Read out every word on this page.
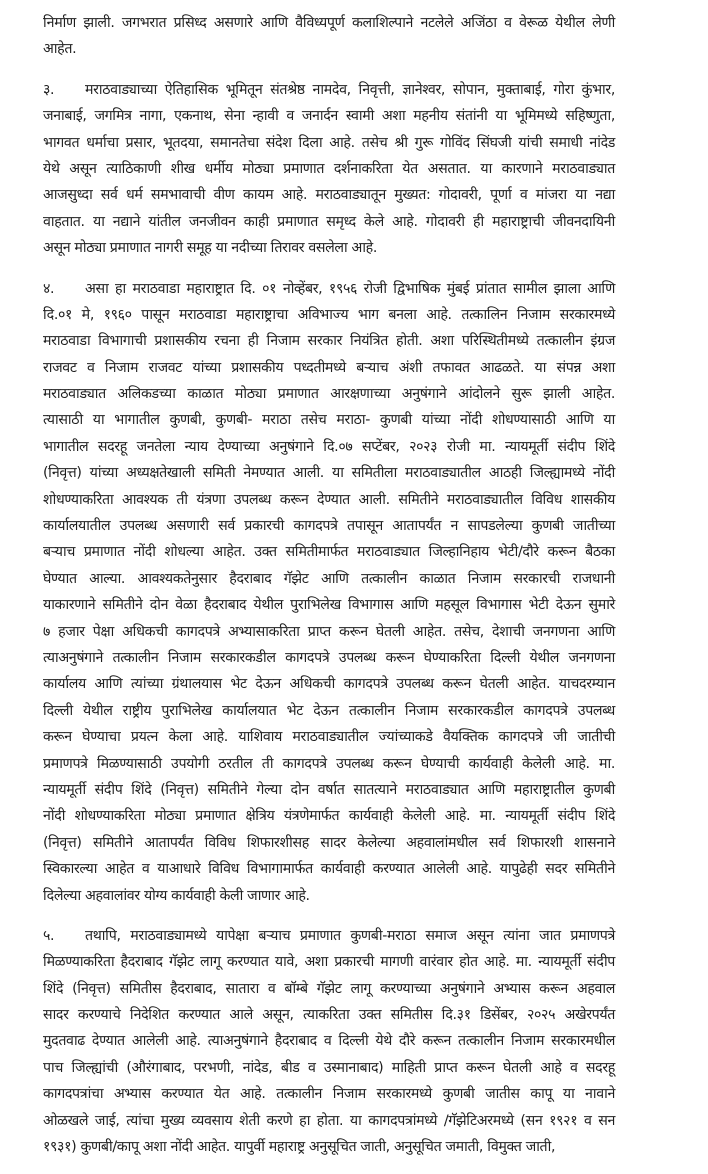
निर्माण झाली. जगभरात प्रसिध्द असणारे आणि वैविध्यपूर्ण कलाशिल्पाने नटलेले अजिंठा व वेरूळ येथील लेणी
आहेत.
३. मराठवाड्याच्या ऐतिहासिक भूमितून संतश्रेष्ठ नामदेव, निवृत्ती, ज्ञानेश्वर, सोपान, मुक्ताबाई, गोरा कुंभार,
जनाबाई, जगमित्र नागा, एकनाथ, सेना न्हावी व जनार्दन स्वामी अशा महनीय संतांनी या भूमिमध्ये सहिष्णुता,
भागवत धर्माचा प्रसार, भूतदया, समानतेचा संदेश दिला आहे. तसेच श्री गुरू गोविंद सिंघजी यांची समाधी नांदेड
येथे असून त्याठिकाणी शीख धर्मीय मोठ्या प्रमाणात दर्शनाकरिता येत असतात. या कारणाने मराठवाड्यात
आजसुध्दा सर्व धर्म समभावाची वीण कायम आहे. मराठवाड्यातून मुख्यत: गोदावरी, पूर्णा व मांजरा या नद्या
वाहतात. या नद्याने यांतील जनजीवन काही प्रमाणात समृध्द केले आहे. गोदावरी ही महाराष्ट्राची जीवनदायिनी
असून मोठ्या प्रमाणात नागरी समूह या नदीच्या तिरावर वसलेला आहे.
४. असा हा मराठवाडा महाराष्ट्रात दि. ०१ नोव्हेंबर, १९५६ रोजी द्विभाषिक मुंबई प्रांतात सामील झाला आणि
दि.०१ मे, १९६० पासून मराठवाडा महाराष्ट्राचा अविभाज्य भाग बनला आहे. तत्कालिन निजाम सरकारमध्ये
मराठवाडा विभागाची प्रशासकीय रचना ही निजाम सरकार नियंत्रित होती. अशा परिस्थितीमध्ये तत्कालीन इंग्रज
राजवट व निजाम राजवट यांच्या प्रशासकीय पध्दतीमध्ये बऱ्याच अंशी तफावत आढळते. या संपन्न अशा
मराठवाड्यात अलिकडच्या काळात मोठ्या प्रमाणात आरक्षणाच्या अनुषंगाने आंदोलने सुरू झाली आहेत.
त्यासाठी या भागातील कुणबी, कुणबी- मराठा तसेच मराठा- कुणबी यांच्या नोंदी शोधण्यासाठी आणि या
भागातील सदरहू जनतेला न्याय देण्याच्या अनुषंगाने दि.०७ सप्टेंबर, २०२३ रोजी मा. न्यायमूर्ती संदीप शिंदे
(निवृत्त) यांच्या अध्यक्षतेखाली समिती नेमण्यात आली. या समितीला मराठवाड्यातील आठही जिल्ह्यामध्ये नोंदी
शोधण्याकरिता आवश्यक ती यंत्रणा उपलब्ध करून देण्यात आली. समितीने मराठवाड्यातील विविध शासकीय
कार्यालयातील उपलब्ध असणारी सर्व प्रकारची कागदपत्रे तपासून आतापर्यंत न सापडलेल्या कुणबी जातीच्या
बऱ्याच प्रमाणात नोंदी शोधल्या आहेत. उक्त समितीमार्फत मराठवाड्यात जिल्हानिहाय भेटी/दौरे करून बैठका
घेण्यात आल्या. आवश्यकतेनुसार हैदराबाद गॅझेट आणि तत्कालीन काळात निजाम सरकारची राजधानी
याकारणाने समितीने दोन वेळा हैदराबाद येथील पुराभिलेख विभागास आणि महसूल विभागास भेटी देऊन सुमारे
७ हजार पेक्षा अधिकची कागदपत्रे अभ्यासाकरिता प्राप्त करून घेतली आहेत. तसेच, देशाची जनगणना आणि
त्याअनुषंगाने तत्कालीन निजाम सरकारकडील कागदपत्रे उपलब्ध करून घेण्याकरिता दिल्ली येथील जनगणना
कार्यालय आणि त्यांच्या ग्रंथालयास भेट देऊन अधिकची कागदपत्रे उपलब्ध करून घेतली आहेत. याचदरम्यान
दिल्ली येथील राष्ट्रीय पुराभिलेख कार्यालयात भेट देऊन तत्कालीन निजाम सरकारकडील कागदपत्रे उपलब्ध
करून घेण्याचा प्रयत्न केला आहे. याशिवाय मराठवाड्यातील ज्यांच्याकडे वैयक्तिक कागदपत्रे जी जातीची
प्रमाणपत्रे मिळण्यासाठी उपयोगी ठरतील ती कागदपत्रे उपलब्ध करून घेण्याची कार्यवाही केलेली आहे. मा.
न्यायमूर्ती संदीप शिंदे (निवृत्त) समितीने गेल्या दोन वर्षात सातत्याने मराठवाड्यात आणि महाराष्ट्रातील कुणबी
नोंदी शोधण्याकरिता मोठ्या प्रमाणात क्षेत्रिय यंत्रणेमार्फत कार्यवाही केलेली आहे. मा. न्यायमूर्ती संदीप शिंदे
(निवृत्त) समितीने आतापर्यंत विविध शिफारशीसह सादर केलेल्या अहवालांमधील सर्व शिफारशी शासनाने
स्विकारल्या आहेत व याआधारे विविध विभागामार्फत कार्यवाही करण्यात आलेली आहे. यापुढेही सदर समितीने
दिलेल्या अहवालांवर योग्य कार्यवाही केली जाणार आहे.
५. तथापि, मराठवाड्यामध्ये यापेक्षा बऱ्याच प्रमाणात कुणबी-मराठा समाज असून त्यांना जात प्रमाणपत्रे
मिळण्याकरिता हैदराबाद गॅझेट लागू करण्यात यावे, अशा प्रकारची मागणी वारंवार होत आहे. मा. न्यायमूर्ती संदीप
शिंदे (निवृत्त) समितीस हैदराबाद, सातारा व बॉम्बे गॅझेट लागू करण्याच्या अनुषंगाने अभ्यास करून अहवाल
सादर करण्याचे निदेशित करण्यात आले असून, त्याकरिता उक्त समितीस दि.३१ डिसेंबर, २०२५ अखेरपर्यंत
मुदतवाढ देण्यात आलेली आहे. त्याअनुषंगाने हैदराबाद व दिल्ली येथे दौरे करून तत्कालीन निजाम सरकारमधील
पाच जिल्ह्यांची (औरंगाबाद, परभणी, नांदेड, बीड व उस्मानाबाद) माहिती प्राप्त करून घेतली आहे व सदरहू
कागदपत्रांचा अभ्यास करण्यात येत आहे. तत्कालीन निजाम सरकारमध्ये कुणबी जातीस कापू या नावाने
ओळखले जाई, त्यांचा मुख्य व्यवसाय शेती करणे हा होता. या कागदपत्रांमध्ये /गॅझेटिअरमध्ये (सन १९२१ व सन
१९३१) कुणबी/कापू अशा नोंदी आहेत. यापुर्वी महाराष्ट्र अनुसूचित जाती, अनुसूचित जमाती, विमुक्त जाती,
